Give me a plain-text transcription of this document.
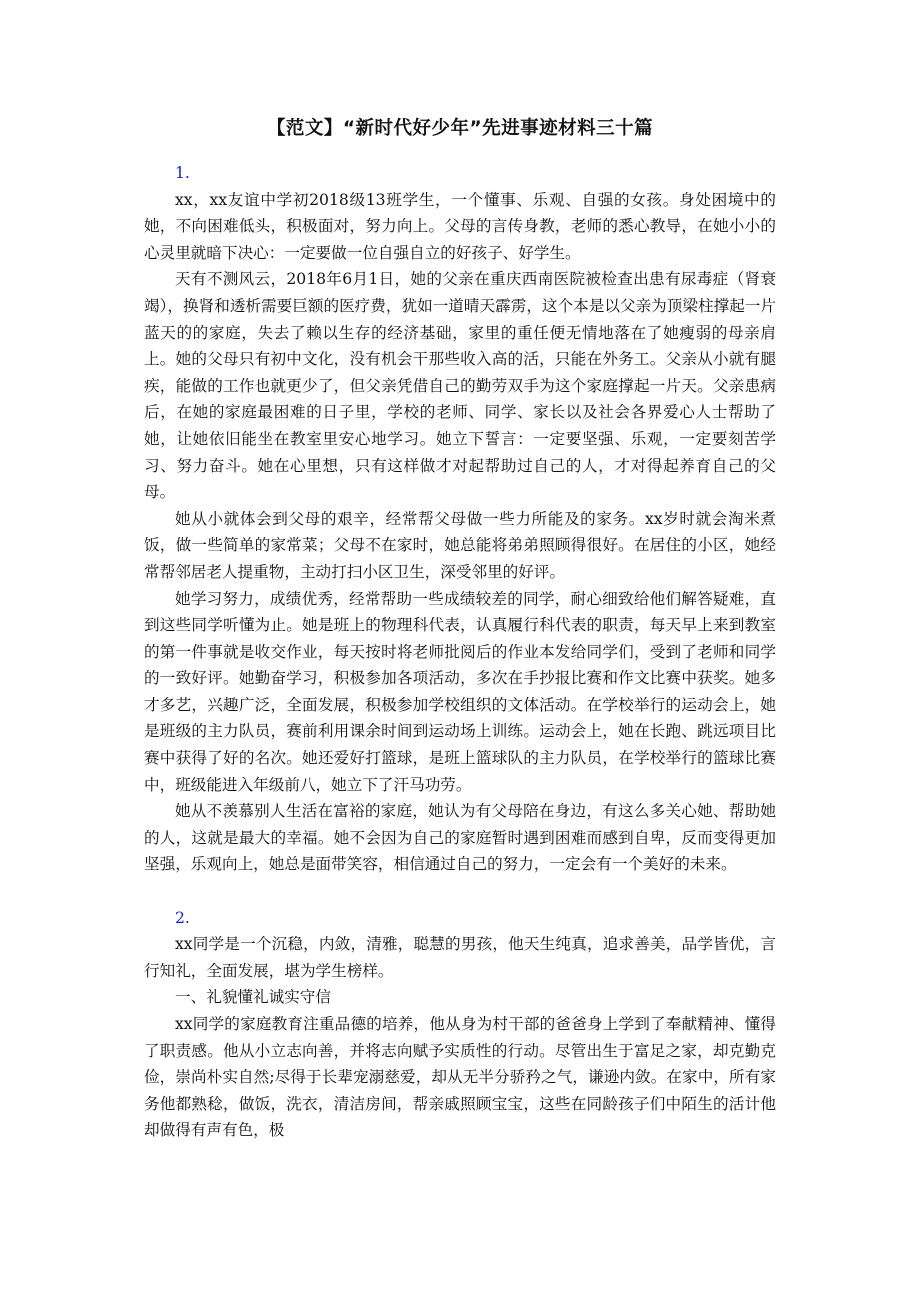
【范文】“新时代好少年”先进事迹材料三十篇

1.

xx，xx友谊中学初2018级13班学生，一个懂事、乐观、自强的女孩。身处困境中的她，不向困难低头，积极面对，努力向上。父母的言传身教，老师的悉心教导，在她小小的心灵里就暗下决心：一定要做一位自强自立的好孩子、好学生。

天有不测风云，2018年6月1日，她的父亲在重庆西南医院被检查出患有尿毒症（肾衰竭），换肾和透析需要巨额的医疗费，犹如一道晴天霹雳，这个本是以父亲为顶梁柱撑起一片蓝天的的家庭，失去了赖以生存的经济基础，家里的重任便无情地落在了她瘦弱的母亲肩上。她的父母只有初中文化，没有机会干那些收入高的活，只能在外务工。父亲从小就有腿疾，能做的工作也就更少了，但父亲凭借自己的勤劳双手为这个家庭撑起一片天。父亲患病后，在她的家庭最困难的日子里，学校的老师、同学、家长以及社会各界爱心人士帮助了她，让她依旧能坐在教室里安心地学习。她立下誓言：一定要坚强、乐观，一定要刻苦学习、努力奋斗。她在心里想，只有这样做才对起帮助过自己的人，才对得起养育自己的父母。

她从小就体会到父母的艰辛，经常帮父母做一些力所能及的家务。xx岁时就会淘米煮饭，做一些简单的家常菜；父母不在家时，她总能将弟弟照顾得很好。在居住的小区，她经常帮邻居老人提重物，主动打扫小区卫生，深受邻里的好评。

她学习努力，成绩优秀，经常帮助一些成绩较差的同学，耐心细致给他们解答疑难，直到这些同学听懂为止。她是班上的物理科代表，认真履行科代表的职责，每天早上来到教室的第一件事就是收交作业，每天按时将老师批阅后的作业本发给同学们，受到了老师和同学的一致好评。她勤奋学习，积极参加各项活动，多次在手抄报比赛和作文比赛中获奖。她多才多艺，兴趣广泛，全面发展，积极参加学校组织的文体活动。在学校举行的运动会上，她是班级的主力队员，赛前利用课余时间到运动场上训练。运动会上，她在长跑、跳远项目比赛中获得了好的名次。她还爱好打篮球，是班上篮球队的主力队员，在学校举行的篮球比赛中，班级能进入年级前八，她立下了汗马功劳。

她从不羡慕别人生活在富裕的家庭，她认为有父母陪在身边，有这么多关心她、帮助她的人，这就是最大的幸福。她不会因为自己的家庭暂时遇到困难而感到自卑，反而变得更加坚强，乐观向上，她总是面带笑容，相信通过自己的努力，一定会有一个美好的未来。

2.

xx同学是一个沉稳，内敛，清雅，聪慧的男孩，他天生纯真，追求善美，品学皆优，言行知礼，全面发展，堪为学生榜样。

一、礼貌懂礼诚实守信

xx同学的家庭教育注重品德的培养，他从身为村干部的爸爸身上学到了奉献精神、懂得了职责感。他从小立志向善，并将志向赋予实质性的行动。尽管出生于富足之家，却克勤克俭，崇尚朴实自然;尽得于长辈宠溺慈爱，却从无半分骄矜之气，谦逊内敛。在家中，所有家务他都熟稔，做饭，洗衣，清洁房间，帮亲戚照顾宝宝，这些在同龄孩子们中陌生的活计他却做得有声有色，极
